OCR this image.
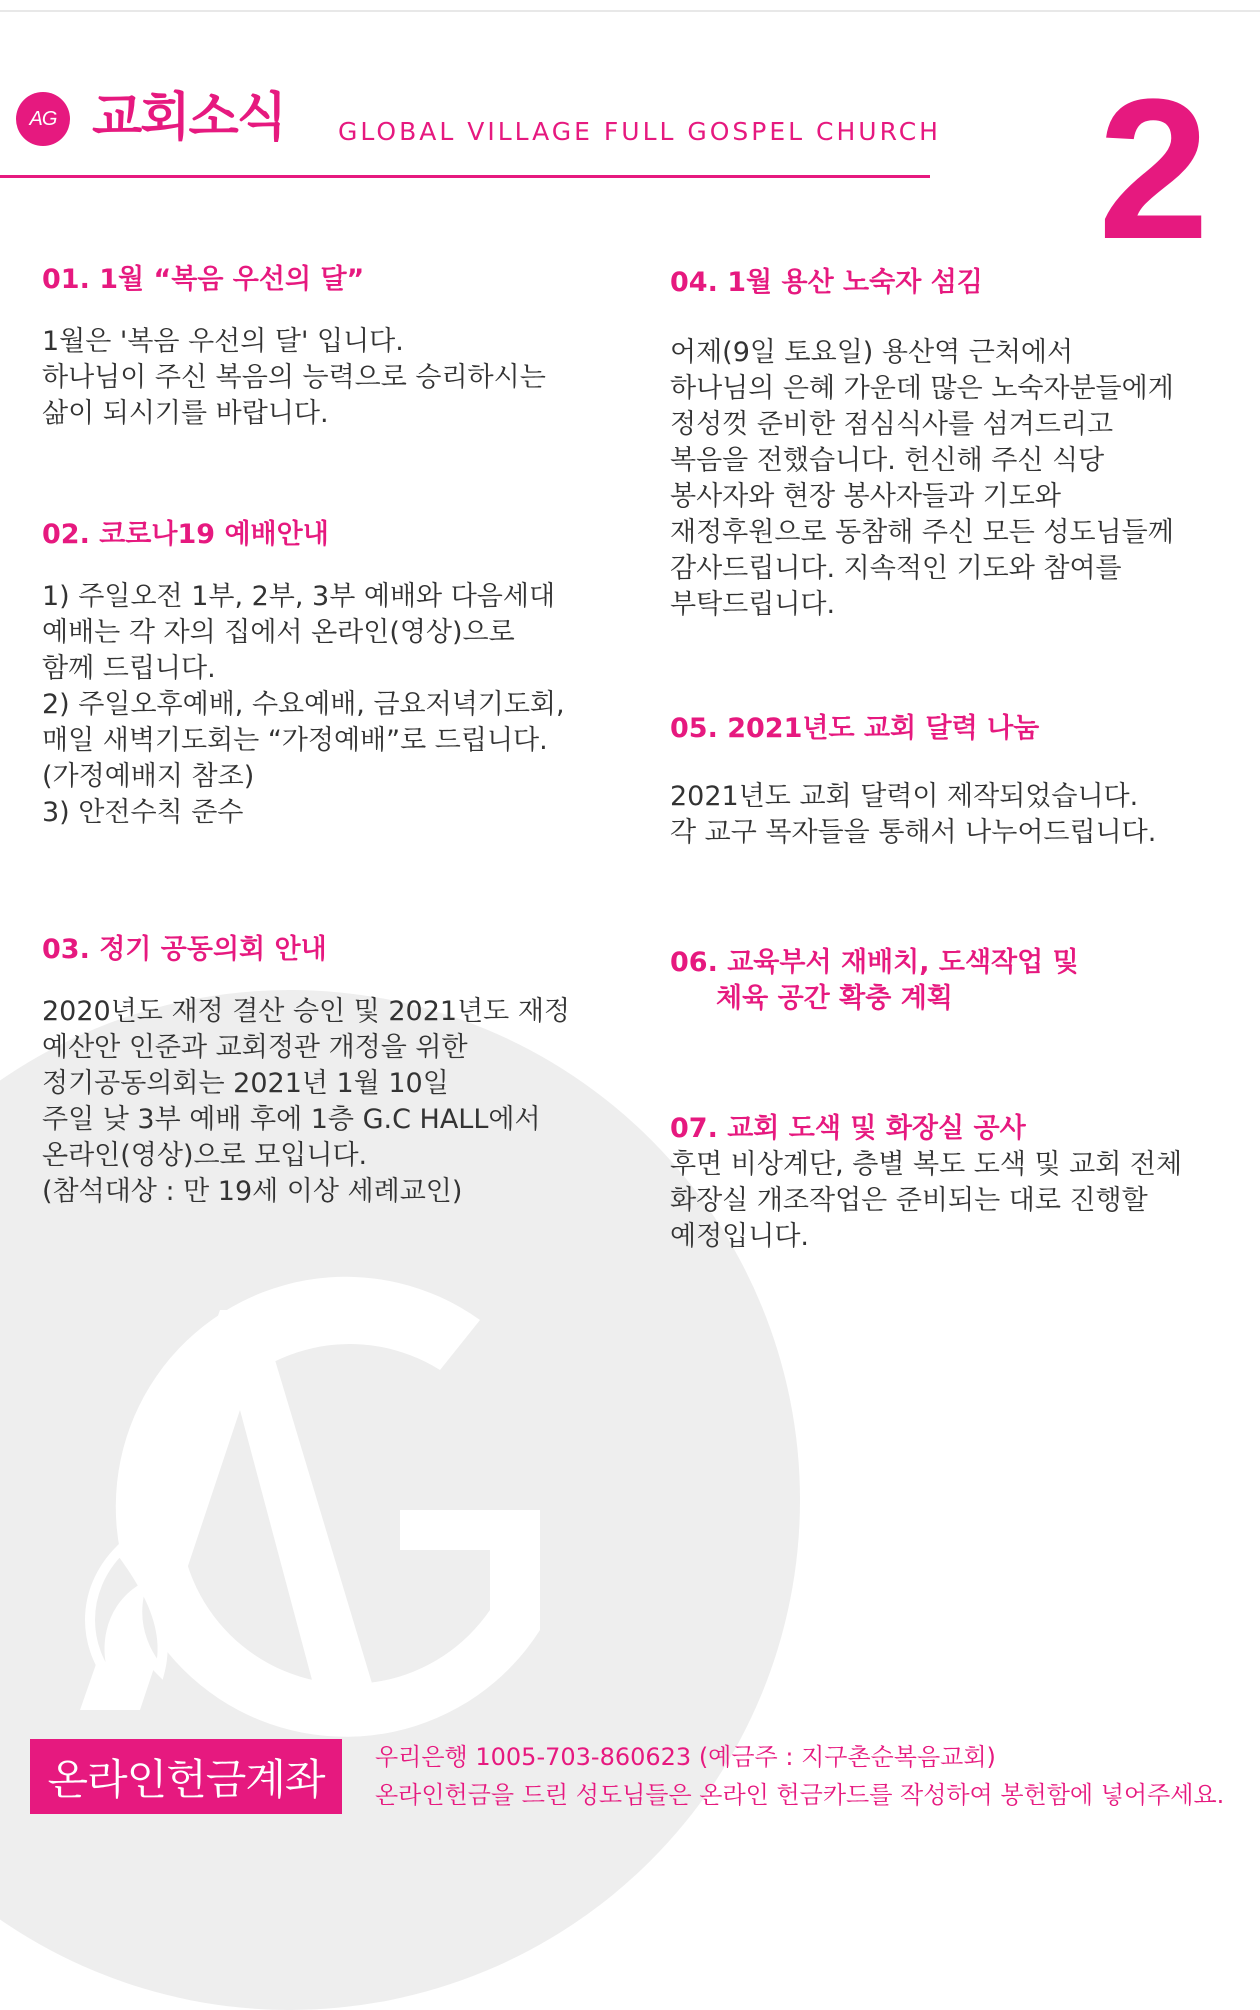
AG 교회소식 GLOBAL VILLAGE FULL GOSPEL CHURCH 2
01. 1월 “복음 우선의 달”
1월은 '복음 우선의 달' 입니다.
하나님이 주신 복음의 능력으로 승리하시는
삶이 되시기를 바랍니다.
02. 코로나19 예배안내
1) 주일오전 1부, 2부, 3부 예배와 다음세대
예배는 각 자의 집에서 온라인(영상)으로
함께 드립니다.
2) 주일오후예배, 수요예배, 금요저녁기도회,
매일 새벽기도회는 “가정예배”로 드립니다.
(가정예배지 참조)
3) 안전수칙 준수
03. 정기 공동의회 안내
2020년도 재정 결산 승인 및 2021년도 재정
예산안 인준과 교회정관 개정을 위한
정기공동의회는 2021년 1월 10일
주일 낮 3부 예배 후에 1층 G.C HALL에서
온라인(영상)으로 모입니다.
(참석대상 : 만 19세 이상 세례교인)
04. 1월 용산 노숙자 섬김
어제(9일 토요일) 용산역 근처에서
하나님의 은혜 가운데 많은 노숙자분들에게
정성껏 준비한 점심식사를 섬겨드리고
복음을 전했습니다. 헌신해 주신 식당
봉사자와 현장 봉사자들과 기도와
재정후원으로 동참해 주신 모든 성도님들께
감사드립니다. 지속적인 기도와 참여를
부탁드립니다.
05. 2021년도 교회 달력 나눔
2021년도 교회 달력이 제작되었습니다.
각 교구 목자들을 통해서 나누어드립니다.
06. 교육부서 재배치, 도색작업 및
체육 공간 확충 계획
07. 교회 도색 및 화장실 공사
후면 비상계단, 층별 복도 도색 및 교회 전체
화장실 개조작업은 준비되는 대로 진행할
예정입니다.
온라인헌금계좌	우리은행 1005-703-860623 (예금주 : 지구촌순복음교회)
온라인헌금을 드린 성도님들은 온라인 헌금카드를 작성하여 봉헌함에 넣어주세요.
